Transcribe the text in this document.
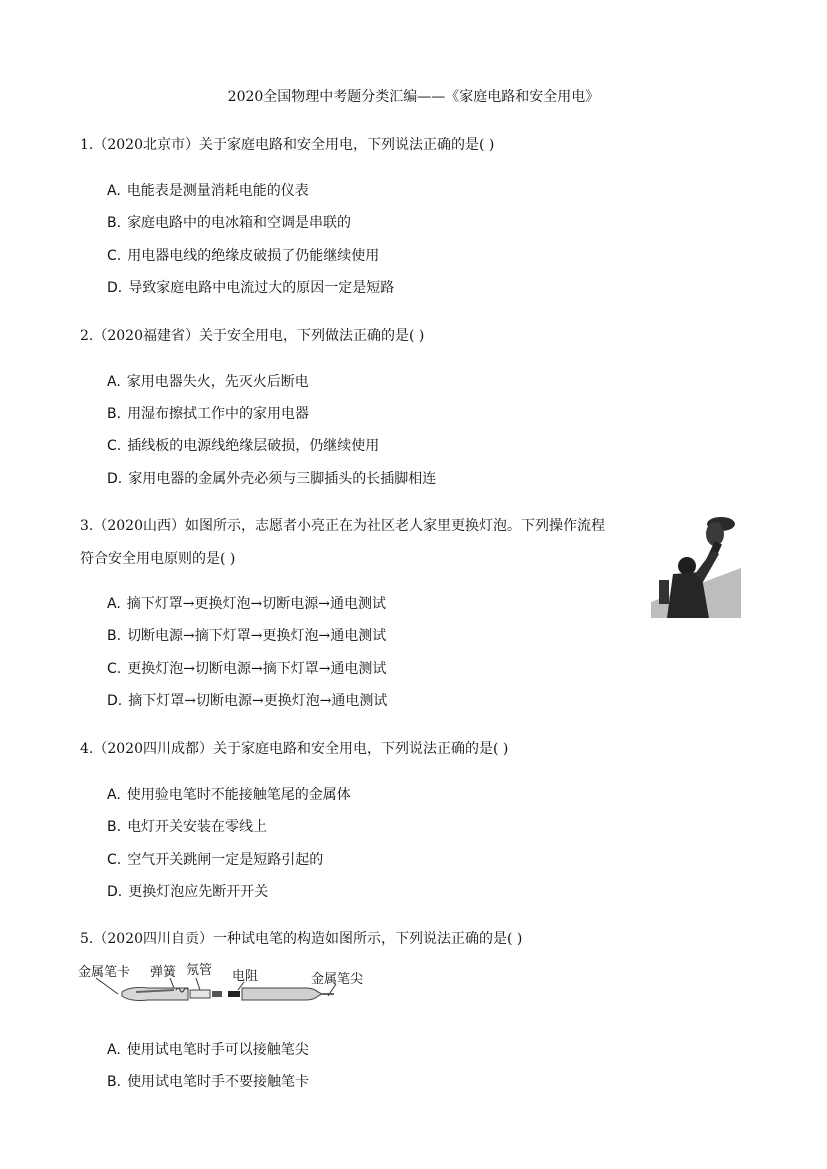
2020全国物理中考题分类汇编——《家庭电路和安全用电》
1.（2020北京市）关于家庭电路和安全用电，下列说法正确的是( )
A. 电能表是测量消耗电能的仪表
B. 家庭电路中的电冰箱和空调是串联的
C. 用电器电线的绝缘皮破损了仍能继续使用
D. 导致家庭电路中电流过大的原因一定是短路
2.（2020福建省）关于安全用电，下列做法正确的是( )
A. 家用电器失火，先灭火后断电
B. 用湿布擦拭工作中的家用电器
C. 插线板的电源线绝缘层破损，仍继续使用
D. 家用电器的金属外壳必须与三脚插头的长插脚相连
3.（2020山西）如图所示，志愿者小亮正在为社区老人家里更换灯泡。下列操作流程
符合安全用电原则的是( )
A. 摘下灯罩→更换灯泡→切断电源→通电测试
B. 切断电源→摘下灯罩→更换灯泡→通电测试
C. 更换灯泡→切断电源→摘下灯罩→通电测试
D. 摘下灯罩→切断电源→更换灯泡→通电测试
4.（2020四川成都）关于家庭电路和安全用电，下列说法正确的是( )
A. 使用验电笔时不能接触笔尾的金属体
B. 电灯开关安装在零线上
C. 空气开关跳闸一定是短路引起的
D. 更换灯泡应先断开开关
5.（2020四川自贡）一种试电笔的构造如图所示，下列说法正确的是( )
金属笔卡 弹簧 氖管 电阻	金属笔尖
A. 使用试电笔时手可以接触笔尖
B. 使用试电笔时手不要接触笔卡
